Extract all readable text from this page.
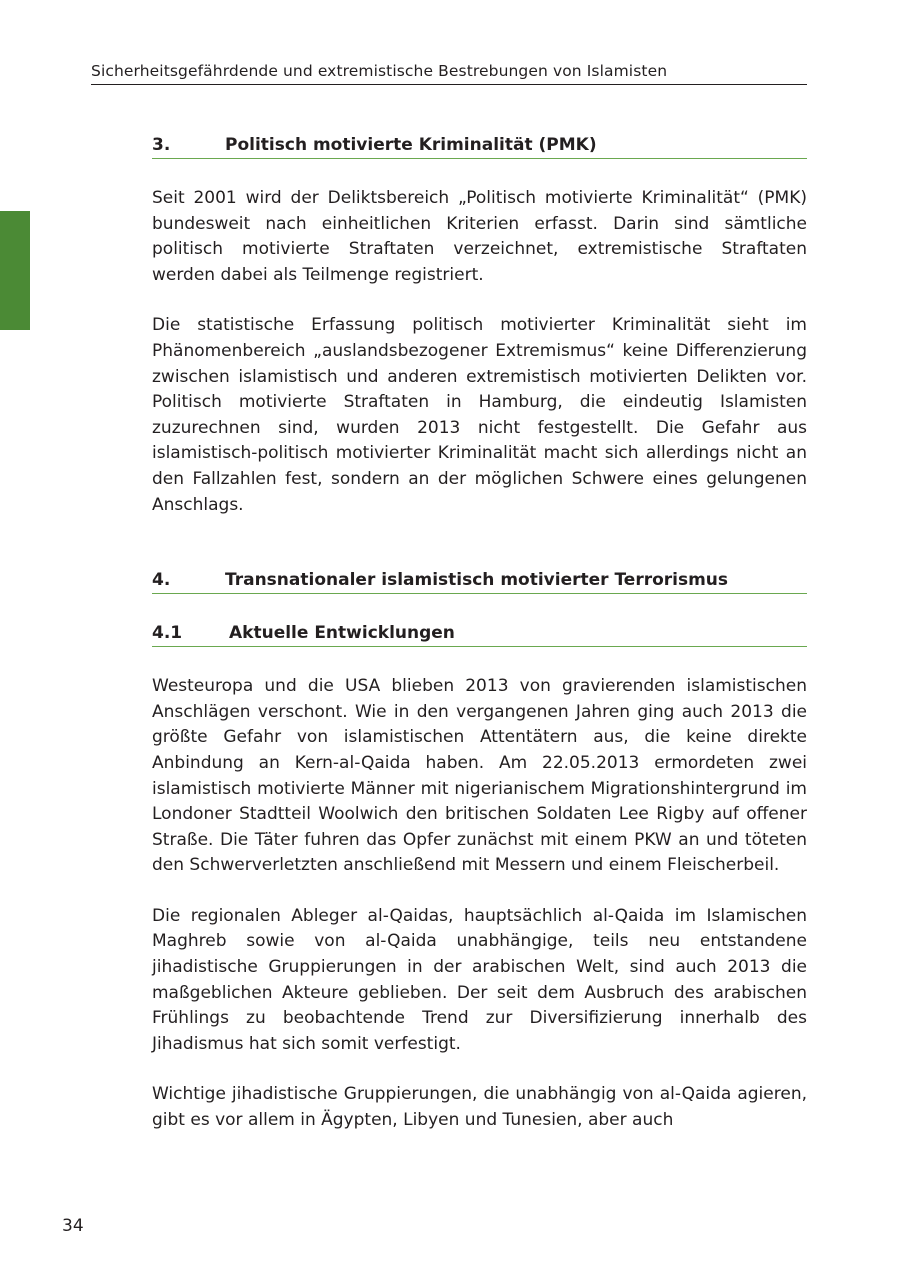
Sicherheitsgefährdende und extremistische Bestrebungen von Islamisten
3.	Politisch motivierte Kriminalität (PMK)

Seit 2001 wird der Deliktsbereich „Politisch motivierte Kriminalität“ (PMK) bundesweit nach einheitlichen Kriterien erfasst. Darin sind sämtliche politisch motivierte Straftaten verzeichnet, extremistische Straftaten werden dabei als Teilmenge registriert.

Die statistische Erfassung politisch motivierter Kriminalität sieht im Phänomenbereich „auslandsbezogener Extremismus“ keine Differenzierung zwischen islamistisch und anderen extremistisch motivierten Delikten vor. Politisch motivierte Straftaten in Hamburg, die eindeutig Islamisten zuzurechnen sind, wurden 2013 nicht festgestellt. Die Gefahr aus islamistisch-politisch motivierter Kriminalität macht sich allerdings nicht an den Fallzahlen fest, sondern an der möglichen Schwere eines gelungenen Anschlags.

4.	Transnationaler islamistisch motivierter Terrorismus
4.1	Aktuelle Entwicklungen

Westeuropa und die USA blieben 2013 von gravierenden islamistischen Anschlägen verschont. Wie in den vergangenen Jahren ging auch 2013 die größte Gefahr von islamistischen Attentätern aus, die keine direkte Anbindung an Kern-al-Qaida haben. Am 22.05.2013 ermordeten zwei islamistisch motivierte Männer mit nigerianischem Migrationshintergrund im Londoner Stadtteil Woolwich den britischen Soldaten Lee Rigby auf offener Straße. Die Täter fuhren das Opfer zunächst mit einem PKW an und töteten den Schwerverletzten anschließend mit Messern und einem Fleischerbeil.

Die regionalen Ableger al-Qaidas, hauptsächlich al-Qaida im Islamischen Maghreb sowie von al-Qaida unabhängige, teils neu entstandene jihadistische Gruppierungen in der arabischen Welt, sind auch 2013 die maßgeblichen Akteure geblieben. Der seit dem Ausbruch des arabischen Frühlings zu beobachtende Trend zur Diversifizierung innerhalb des Jihadismus hat sich somit verfestigt.

Wichtige jihadistische Gruppierungen, die unabhängig von al-Qaida agieren, gibt es vor allem in Ägypten, Libyen und Tunesien, aber auch

34
